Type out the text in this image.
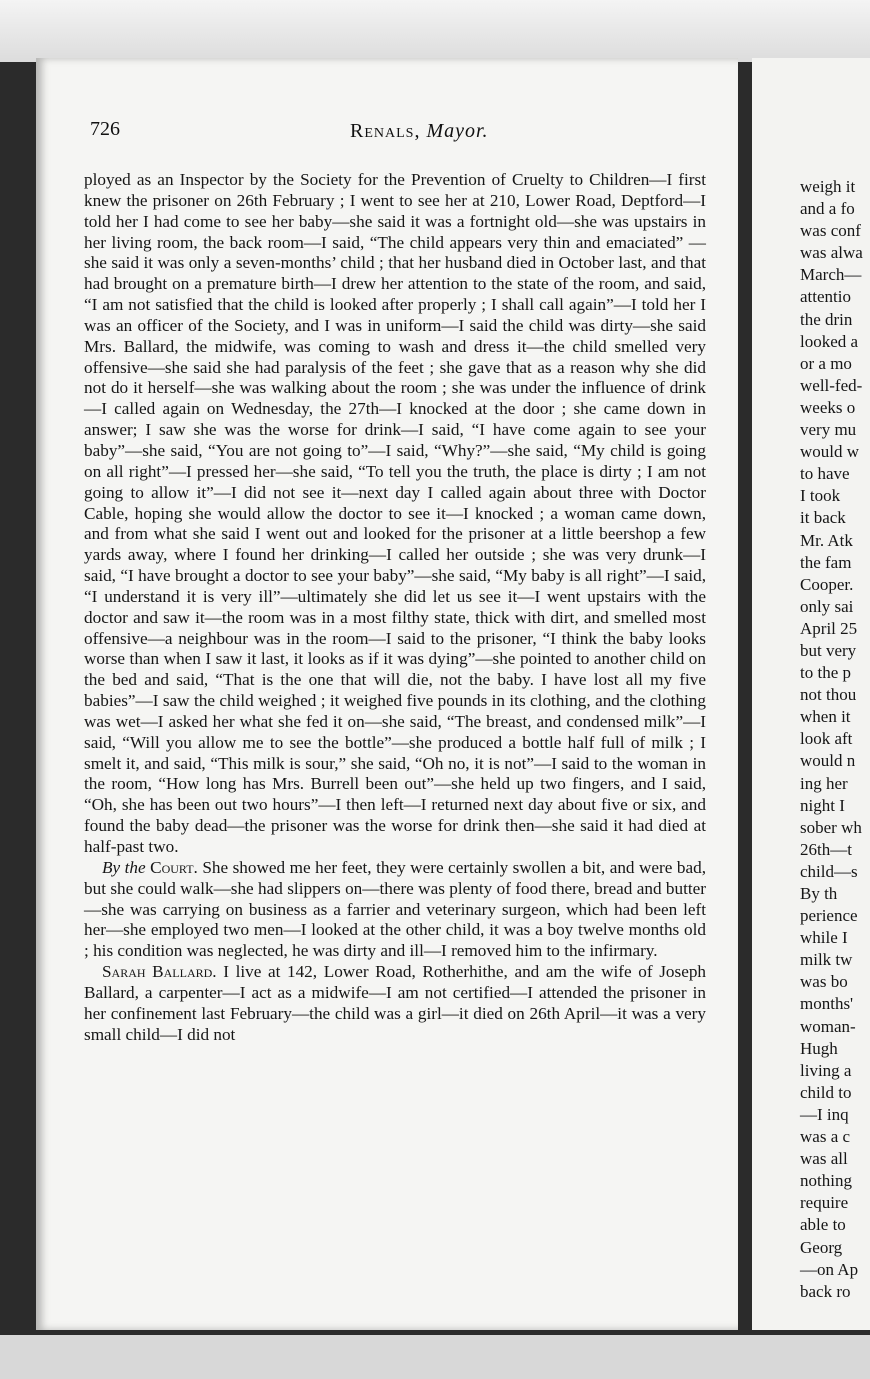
726	Renals, Mayor.

ployed as an Inspector by the Society for the Prevention of Cruelty to Children—I first knew the prisoner on 26th February ; I went to see her at 210, Lower Road, Deptford—I told her I had come to see her baby—she said it was a fortnight old—she was upstairs in her living room, the back room—I said, “The child appears very thin and emaciated” —she said it was only a seven-months’ child ; that her husband died in October last, and that had brought on a premature birth—I drew her attention to the state of the room, and said, “I am not satisfied that the child is looked after properly ; I shall call again”—I told her I was an officer of the Society, and I was in uniform—I said the child was dirty—she said Mrs. Ballard, the midwife, was coming to wash and dress it—the child smelled very offensive—she said she had paralysis of the feet ; she gave that as a reason why she did not do it herself—she was walking about the room ; she was under the influence of drink—I called again on Wednesday, the 27th—I knocked at the door ; she came down in answer; I saw she was the worse for drink—I said, “I have come again to see your baby”—she said, “You are not going to”—I said, “Why?”—she said, “My child is going on all right”—I pressed her—she said, “To tell you the truth, the place is dirty ; I am not going to allow it”—I did not see it—next day I called again about three with Doctor Cable, hoping she would allow the doctor to see it—I knocked ; a woman came down, and from what she said I went out and looked for the prisoner at a little beershop a few yards away, where I found her drinking—I called her outside ; she was very drunk—I said, “I have brought a doctor to see your baby”—she said, “My baby is all right”—I said, “I understand it is very ill”—ultimately she did let us see it—I went upstairs with the doctor and saw it—the room was in a most filthy state, thick with dirt, and smelled most offensive—a neighbour was in the room—I said to the prisoner, “I think the baby looks worse than when I saw it last, it looks as if it was dying”—she pointed to another child on the bed and said, “That is the one that will die, not the baby. I have lost all my five babies”—I saw the child weighed ; it weighed five pounds in its clothing, and the clothing was wet—I asked her what she fed it on—she said, “The breast, and condensed milk”—I said, “Will you allow me to see the bottle”—she produced a bottle half full of milk ; I smelt it, and said, “This milk is sour,” she said, “Oh no, it is not”—I said to the woman in the room, “How long has Mrs. Burrell been out”—she held up two fingers, and I said, “Oh, she has been out two hours”—I then left—I returned next day about five or six, and found the baby dead—the prisoner was the worse for drink then—she said it had died at half-past two.

By the Court. She showed me her feet, they were certainly swollen a bit, and were bad, but she could walk—she had slippers on—there was plenty of food there, bread and butter—she was carrying on business as a farrier and veterinary surgeon, which had been left her—she employed two men—I looked at the other child, it was a boy twelve months old ; his condition was neglected, he was dirty and ill—I removed him to the infirmary.

Sarah Ballard. I live at 142, Lower Road, Rotherhithe, and am the wife of Joseph Ballard, a carpenter—I act as a midwife—I am not certified—I attended the prisoner in her confinement last February—the child was a girl—it died on 26th April—it was a very small child—I did not

weigh it
and a fo
was conf
was alwa
March—
attentio
the drin
looked a
or a mo
well-fed-
weeks o
very mu
would w
to have
I took
it back
Mr. Atk
the fam
Cooper.
only sai
April 25
but very
to the p
not thou
when it
look aft
would n
ing her
night I
sober wh
26th—t
child—s
By th
perience
while I
milk tw
was bo
months'
woman-
Hugh
living a
child to
—I inq
was a c
was all
nothing
require
able to
Georg
—on Ap
back ro
